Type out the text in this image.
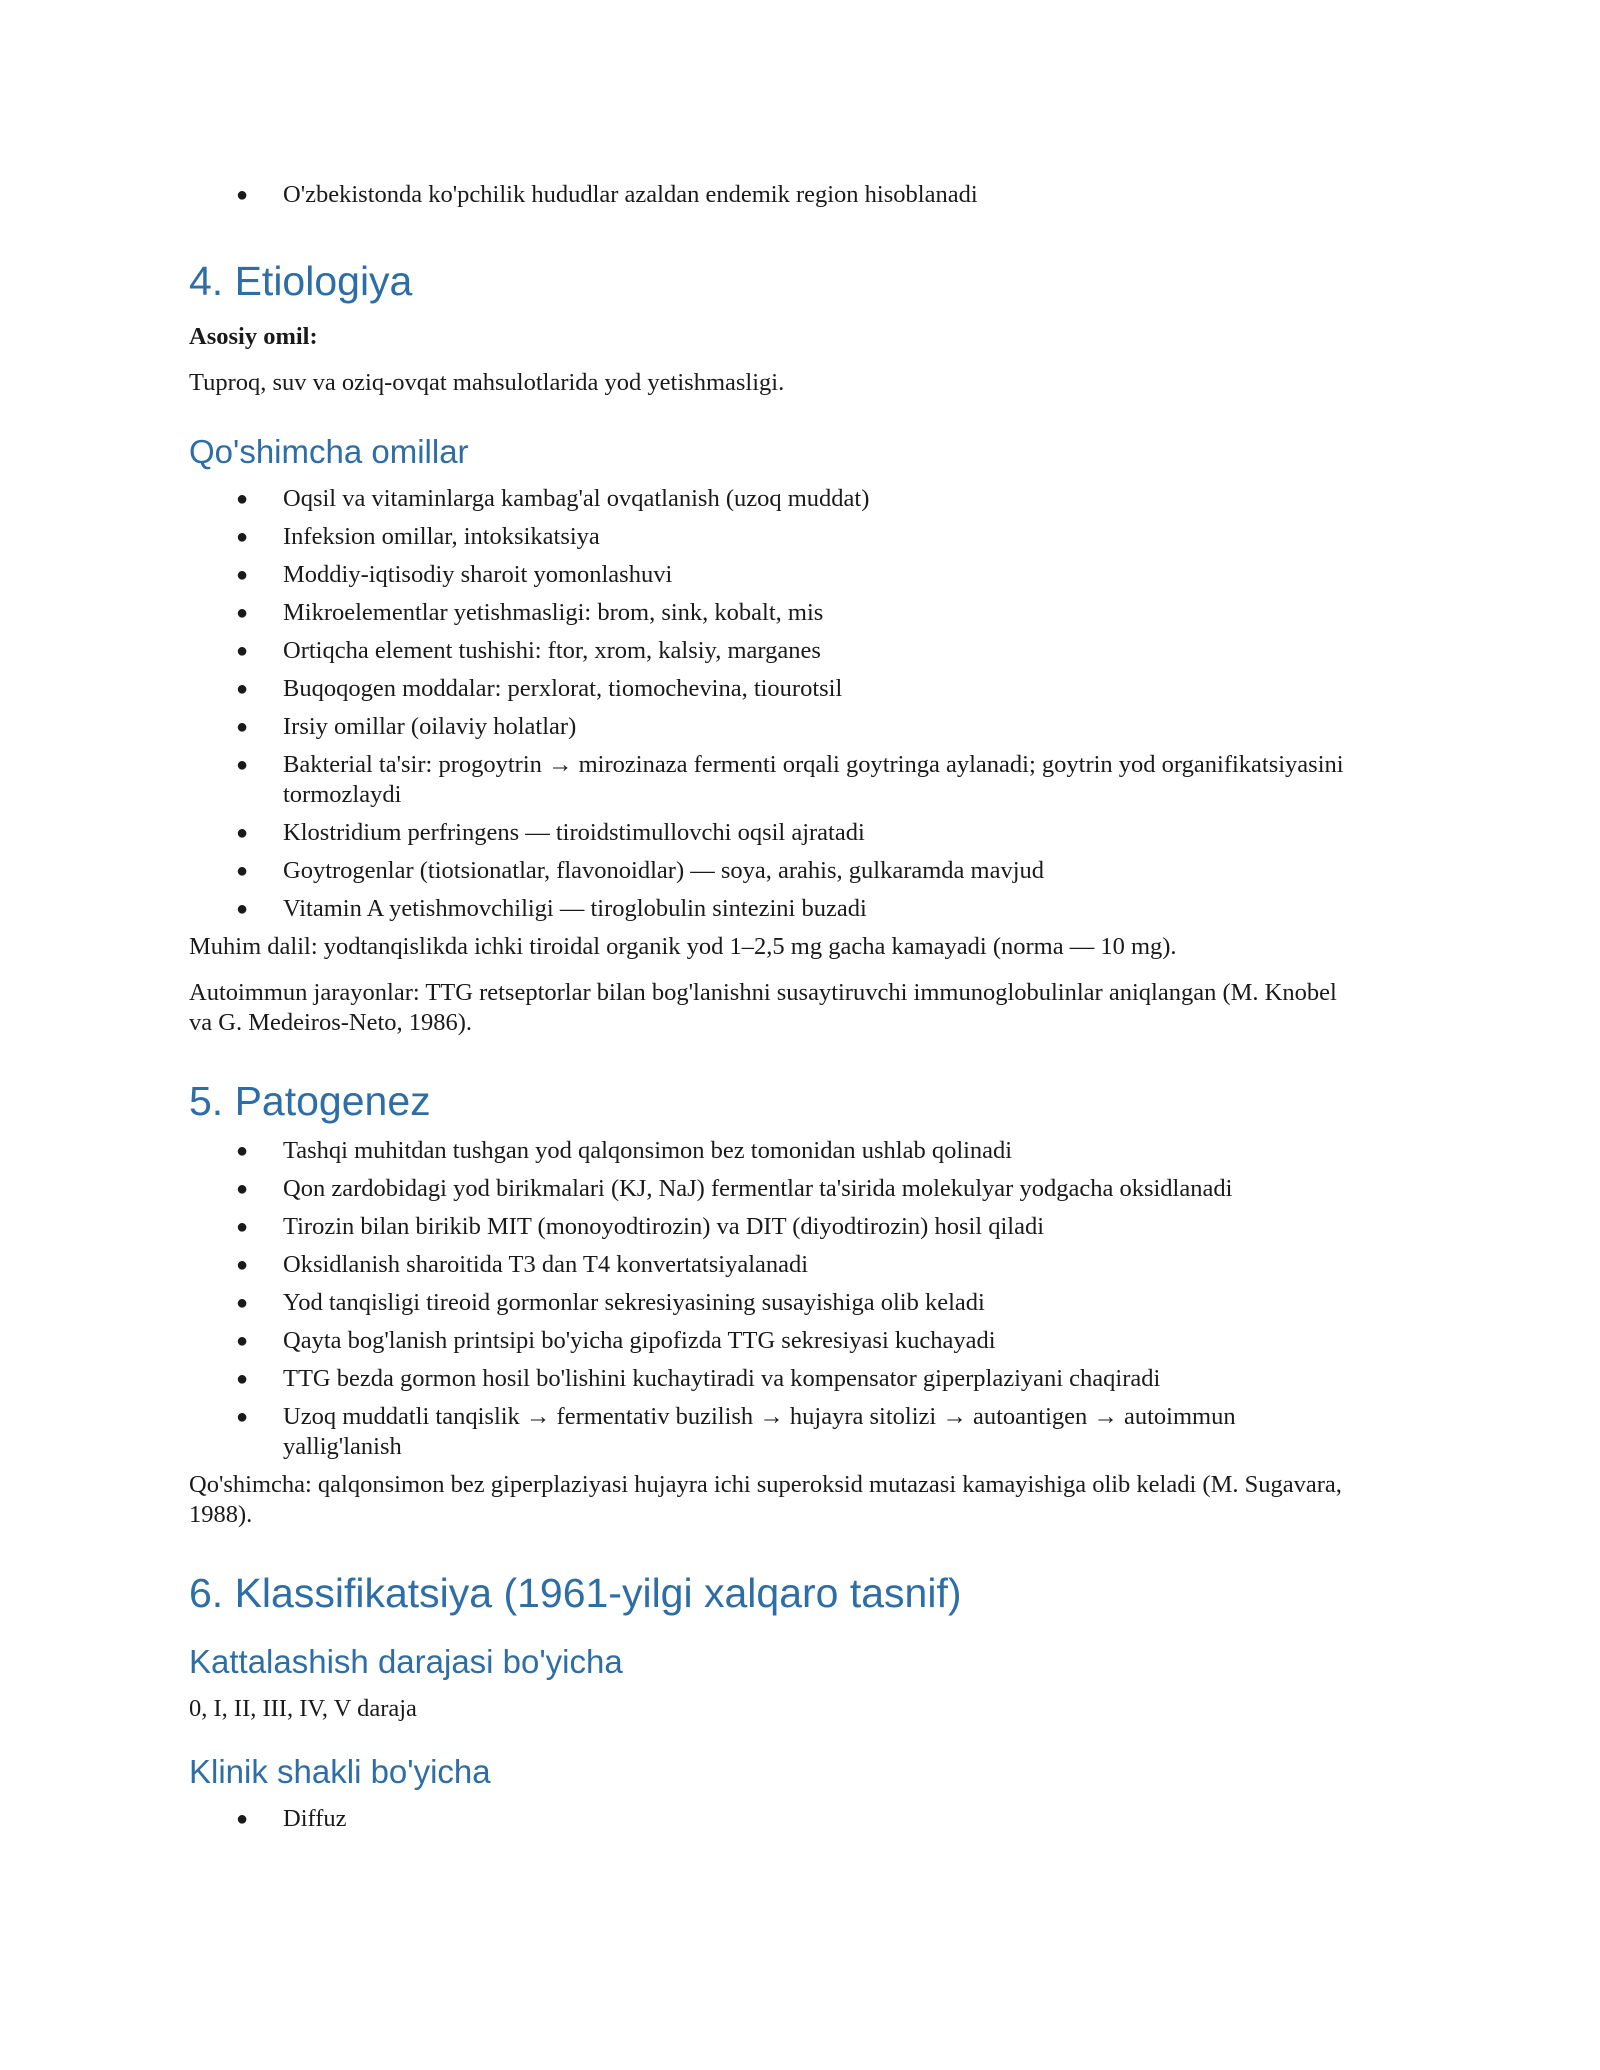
● O'zbekistonda ko'pchilik hududlar azaldan endemik region hisoblanadi
4. Etiologiya

Asosiy omil:

Tuproq, suv va oziq-ovqat mahsulotlarida yod yetishmasligi.

Qo'shimcha omillar
● Oqsil va vitaminlarga kambag'al ovqatlanish (uzoq muddat)
● Infeksion omillar, intoksikatsiya
● Moddiy-iqtisodiy sharoit yomonlashuvi
● Mikroelementlar yetishmasligi: brom, sink, kobalt, mis
● Ortiqcha element tushishi: ftor, xrom, kalsiy, marganes
● Buqoqogen moddalar: perxlorat, tiomochevina, tiourotsil
● Irsiy omillar (oilaviy holatlar)
● Bakterial ta'sir: progoytrin → mirozinaza fermenti orqali goytringa aylanadi; goytrin yod organifikatsiyasini tormozlaydi
● Klostridium perfringens — tiroidstimullovchi oqsil ajratadi
● Goytrogenlar (tiotsionatlar, flavonoidlar) — soya, arahis, gulkaramda mavjud
● Vitamin A yetishmovchiligi — tiroglobulin sintezini buzadi

Muhim dalil: yodtanqislikda ichki tiroidal organik yod 1–2,5 mg gacha kamayadi (norma — 10 mg).

Autoimmun jarayonlar: TTG retseptorlar bilan bog'lanishni susaytiruvchi immunoglobulinlar aniqlangan (M. Knobel va G. Medeiros-Neto, 1986).

5. Patogenez
● Tashqi muhitdan tushgan yod qalqonsimon bez tomonidan ushlab qolinadi
● Qon zardobidagi yod birikmalari (KJ, NaJ) fermentlar ta'sirida molekulyar yodgacha oksidlanadi
● Tirozin bilan birikib MIT (monoyodtirozin) va DIT (diyodtirozin) hosil qiladi
● Oksidlanish sharoitida T3 dan T4 konvertatsiyalanadi
● Yod tanqisligi tireoid gormonlar sekresiyasining susayishiga olib keladi
● Qayta bog'lanish printsipi bo'yicha gipofizda TTG sekresiyasi kuchayadi
● TTG bezda gormon hosil bo'lishini kuchaytiradi va kompensator giperplaziyani chaqiradi
● Uzoq muddatli tanqislik → fermentativ buzilish → hujayra sitolizi → autoantigen → autoimmun yallig'lanish

Qo'shimcha: qalqonsimon bez giperplaziyasi hujayra ichi superoksid mutazasi kamayishiga olib keladi (M. Sugavara, 1988).

6. Klassifikatsiya (1961-yilgi xalqaro tasnif)
Kattalashish darajasi bo'yicha

0, I, II, III, IV, V daraja

Klinik shakli bo'yicha
● Diffuz
